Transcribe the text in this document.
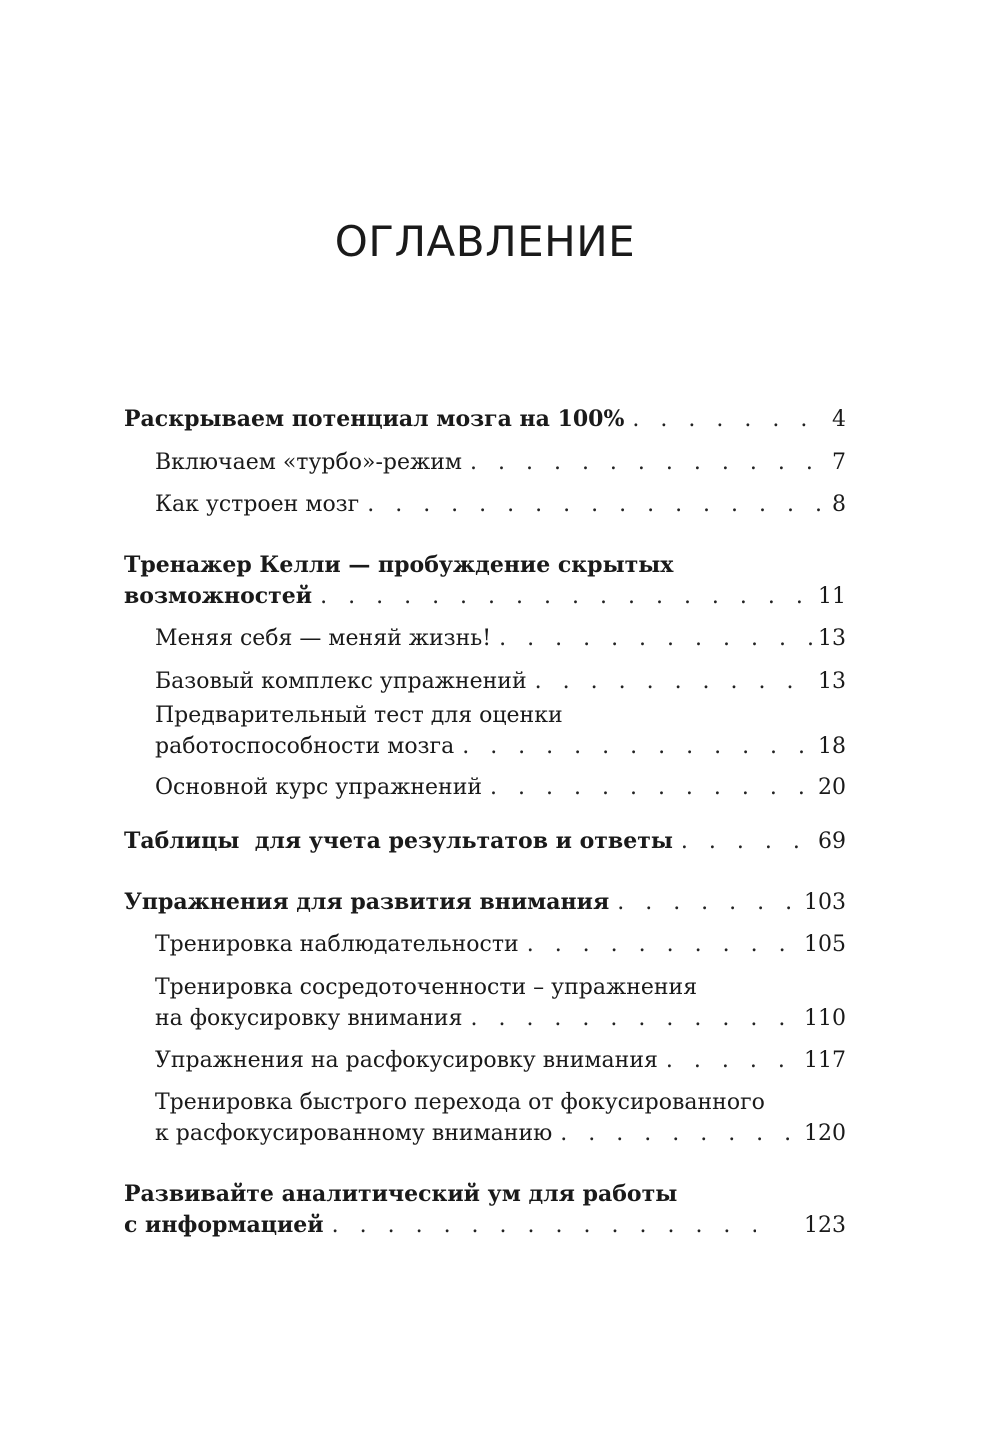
ОГЛАВЛЕНИЕ
Раскрываем потенциал мозга на 100% . . .	4
Включаем «турбо»-режим . . .	7
Как устроен мозг . . .	8
Тренажер Келли — пробуждение скрытых
возможностей . . .	11
Меняя себя — меняй жизнь! . . .	13
Базовый комплекс упражнений . . .	13
Предварительный тест для оценки
работоспособности мозга . . .	18
Основной курс упражнений . . .	20
Таблицы  для учета результатов и ответы . . .	69
Упражнения для развития внимания . . .	103
Тренировка наблюдательности . . .	105
Тренировка сосредоточенности – упражнения
на фокусировку внимания . . .	110
Упражнения на расфокусировку внимания . . .	117
Тренировка быстрого перехода от фокусированного
к расфокусированному вниманию . . .	120
Развивайте аналитический ум для работы
с информацией . . .	123
